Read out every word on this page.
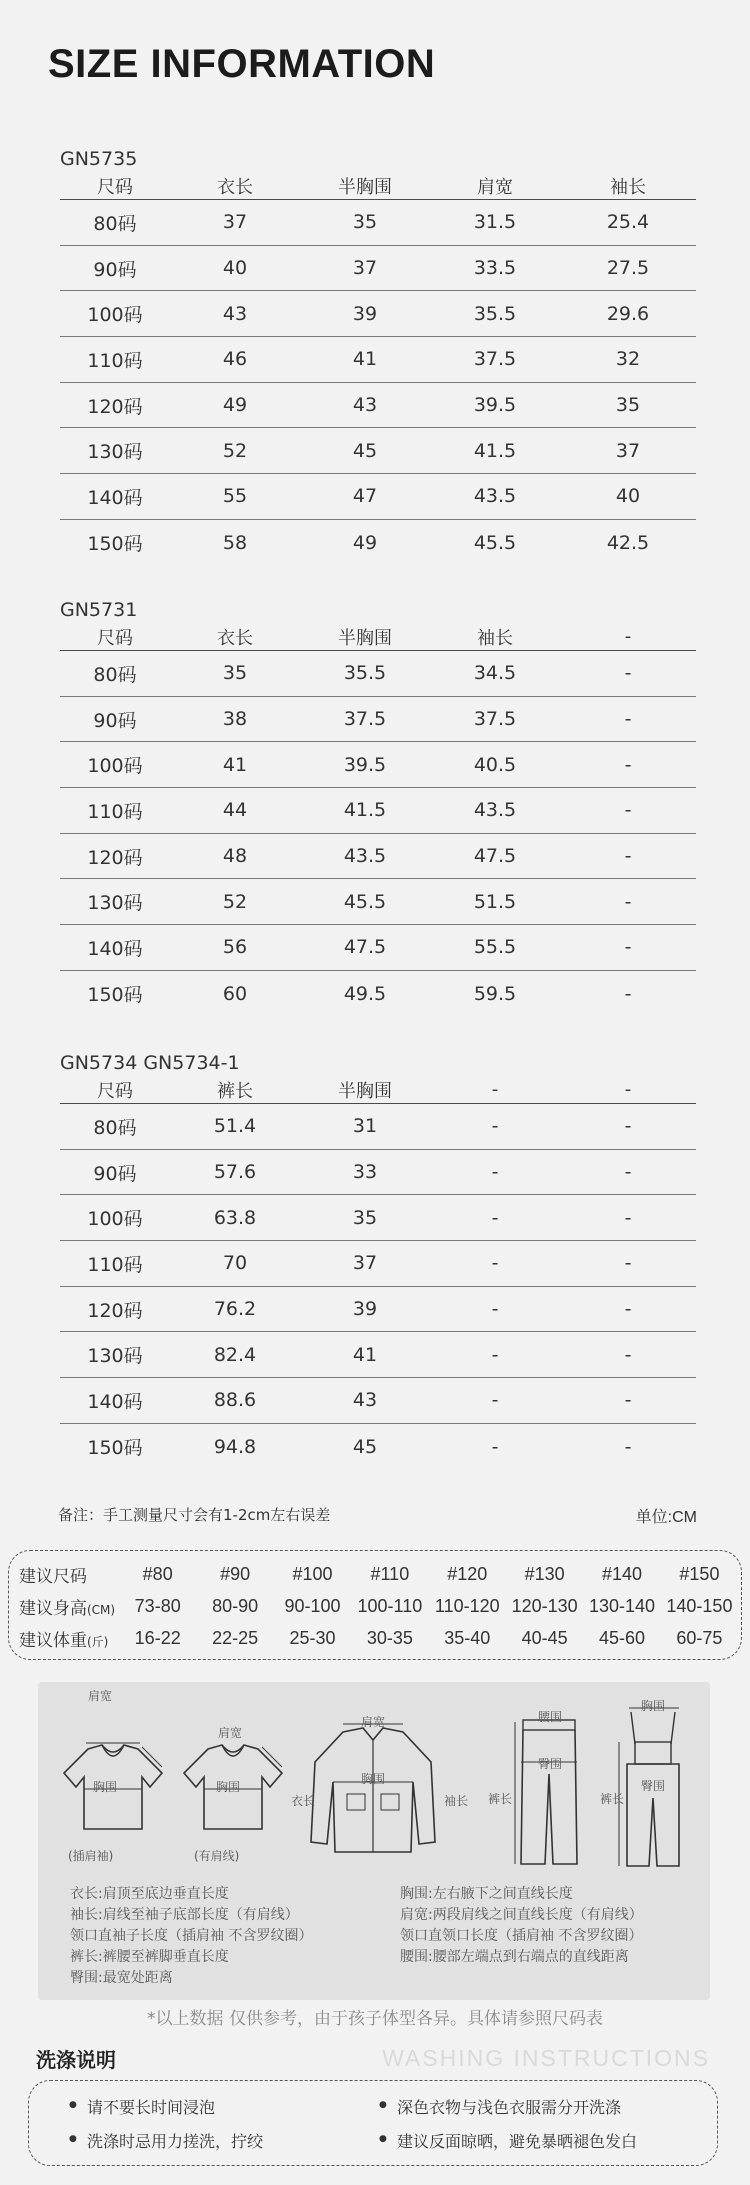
SIZE INFORMATION
GN5735
尺码	衣长	半胸围	肩宽	袖长
80码	37	35	31.5	25.4
90码	40	37	33.5	27.5
100码	43	39	35.5	29.6
110码	46	41	37.5	32
120码	49	43	39.5	35
130码	52	45	41.5	37
140码	55	47	43.5	40
150码	58	49	45.5	42.5
GN5731
尺码	衣长	半胸围	袖长	-
80码	35	35.5	34.5	-
90码	38	37.5	37.5	-
100码	41	39.5	40.5	-
110码	44	41.5	43.5	-
120码	48	43.5	47.5	-
130码	52	45.5	51.5	-
140码	56	47.5	55.5	-
150码	60	49.5	59.5	-
GN5734 GN5734-1
尺码	裤长	半胸围	-	-
80码	51.4	31	-	-
90码	57.6	33	-	-
100码	63.8	35	-	-
110码	70	37	-	-
120码	76.2	39	-	-
130码	82.4	41	-	-
140码	88.6	43	-	-
150码	94.8	45	-	-
备注：手工测量尺寸会有1-2cm左右误差	单位:CM
建议尺码	#80	#90	#100	#110	#120	#130	#140	#150
建议身高(CM)	73-80	80-90	90-100 100-110 110-120 120-130 130-140 140-150
建议体重(斤)	16-22	22-25	25-30	30-35	35-40	40-45	45-60	60-75
肩宽
胸围
(插肩袖)
肩宽
胸围
(有肩线)
肩宽
胸围
衣长	袖长
腰围
臀围
裤长
胸围
臀围
裤长
衣长:肩顶至底边垂直长度
袖长:肩线至袖子底部长度（有肩线）
领口直袖子长度（插肩袖 不含罗纹圈）
裤长:裤腰至裤脚垂直长度
臀围:最宽处距离
胸围:左右腋下之间直线长度
肩宽:两段肩线之间直线长度（有肩线）
领口直领口长度（插肩袖 不含罗纹圈）
腰围:腰部左端点到右端点的直线距离
*以上数据 仅供参考，由于孩子体型各异。具体请参照尺码表
洗涤说明	WASHING INSTRUCTIONS
● 请不要长时间浸泡	● 深色衣物与浅色衣服需分开洗涤
● 洗涤时忌用力搓洗，拧绞	● 建议反面晾晒，避免暴晒褪色发白
